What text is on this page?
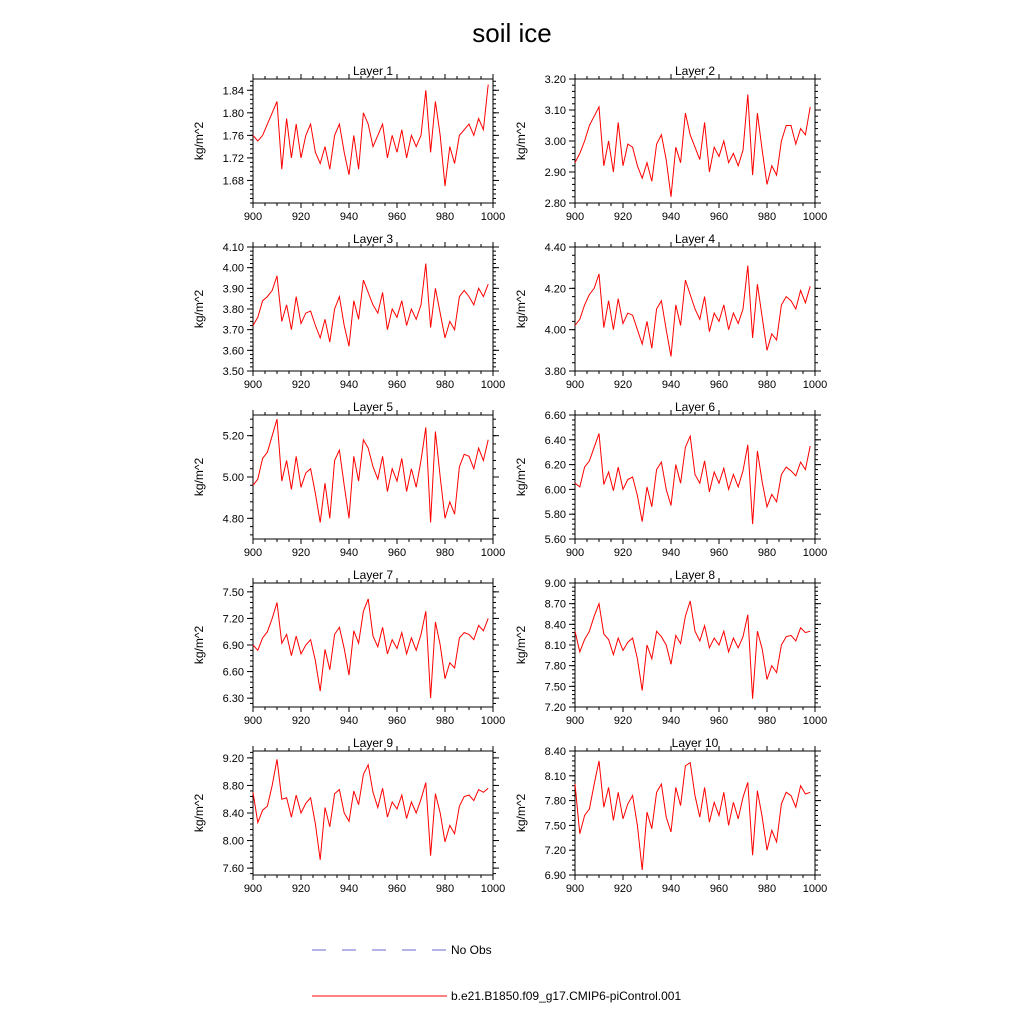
soil ice
Layer 1
kg/m^2
900	920	940	960	980 1000
1.68
1.72
1.76
1.80
1.84
Layer 2
kg/m^2
900	920	940	960	980 1000
2.80
2.90
3.00
3.10
3.20
Layer 3
kg/m^2
900	920	940	960	980 1000
3.50
3.60
3.70
3.80
3.90
4.00
4.10
Layer 4
kg/m^2
900	920	940	960	980 1000
3.80
4.00
4.20
4.40
Layer 5
kg/m^2
900	920	940	960	980 1000
4.80
5.00
5.20
Layer 6
kg/m^2
900	920	940	960	980 1000
5.60
5.80
6.00
6.20
6.40
6.60
Layer 7
kg/m^2
900	920	940	960	980 1000
6.30
6.60
6.90
7.20
7.50
Layer 8
kg/m^2
900	920	940	960	980 1000
7.20
7.50
7.80
8.10
8.40
8.70
9.00
Layer 9
kg/m^2
900	920	940	960	980 1000
7.60
8.00
8.40
8.80
9.20
Layer 10
kg/m^2
900	920	940	960	980 1000
6.90
7.20
7.50
7.80
8.10
8.40
No Obs
b.e21.B1850.f09_g17.CMIP6-piControl.001
